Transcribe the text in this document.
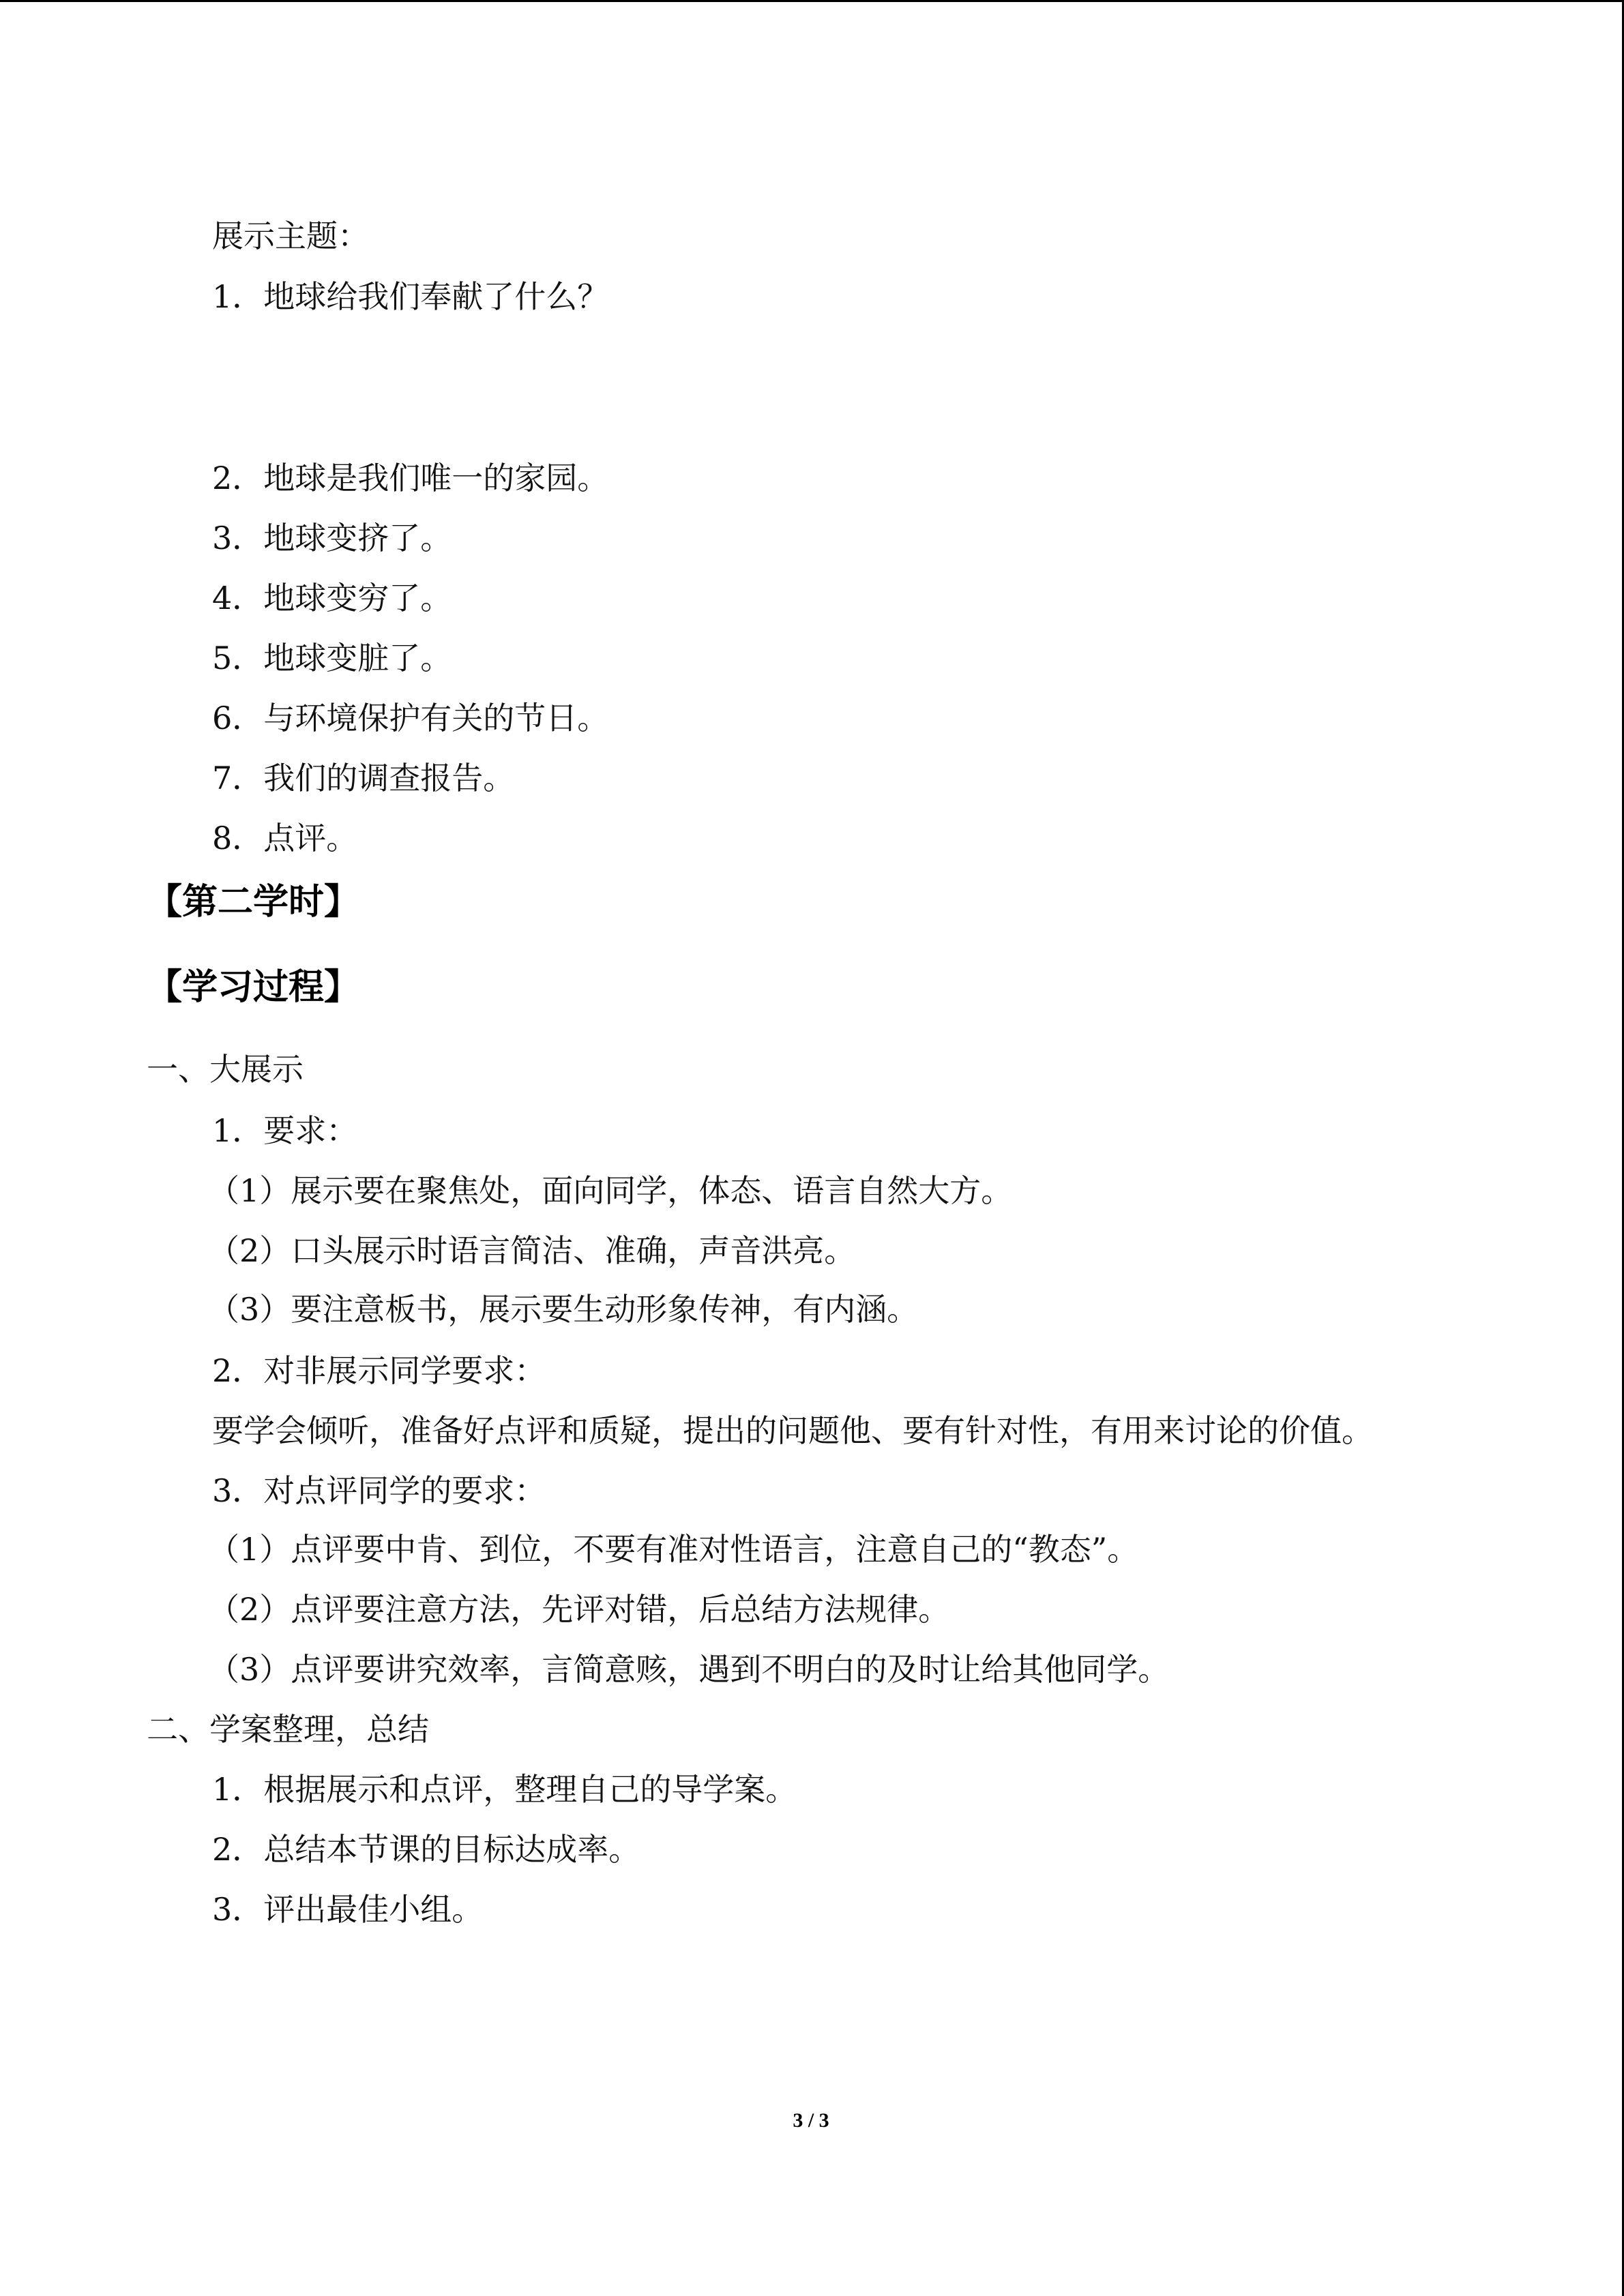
展示主题：
1．地球给我们奉献了什么？
2．地球是我们唯一的家园。
3．地球变挤了。
4．地球变穷了。
5．地球变脏了。
6．与环境保护有关的节日。
7．我们的调查报告。
8．点评。
【第二学时】
【学习过程】
一、大展示
1．要求：
（1）展示要在聚焦处，面向同学，体态、语言自然大方。
（2）口头展示时语言简洁、准确，声音洪亮。
（3）要注意板书，展示要生动形象传神，有内涵。
2．对非展示同学要求：
要学会倾听，准备好点评和质疑，提出的问题他、要有针对性，有用来讨论的价值。
3．对点评同学的要求：
（1）点评要中肯、到位，不要有准对性语言，注意自己的“教态”。
（2）点评要注意方法，先评对错，后总结方法规律。
（3）点评要讲究效率，言简意赅，遇到不明白的及时让给其他同学。
二、学案整理，总结
1．根据展示和点评，整理自己的导学案。
2．总结本节课的目标达成率。
3．评出最佳小组。
3 / 3
